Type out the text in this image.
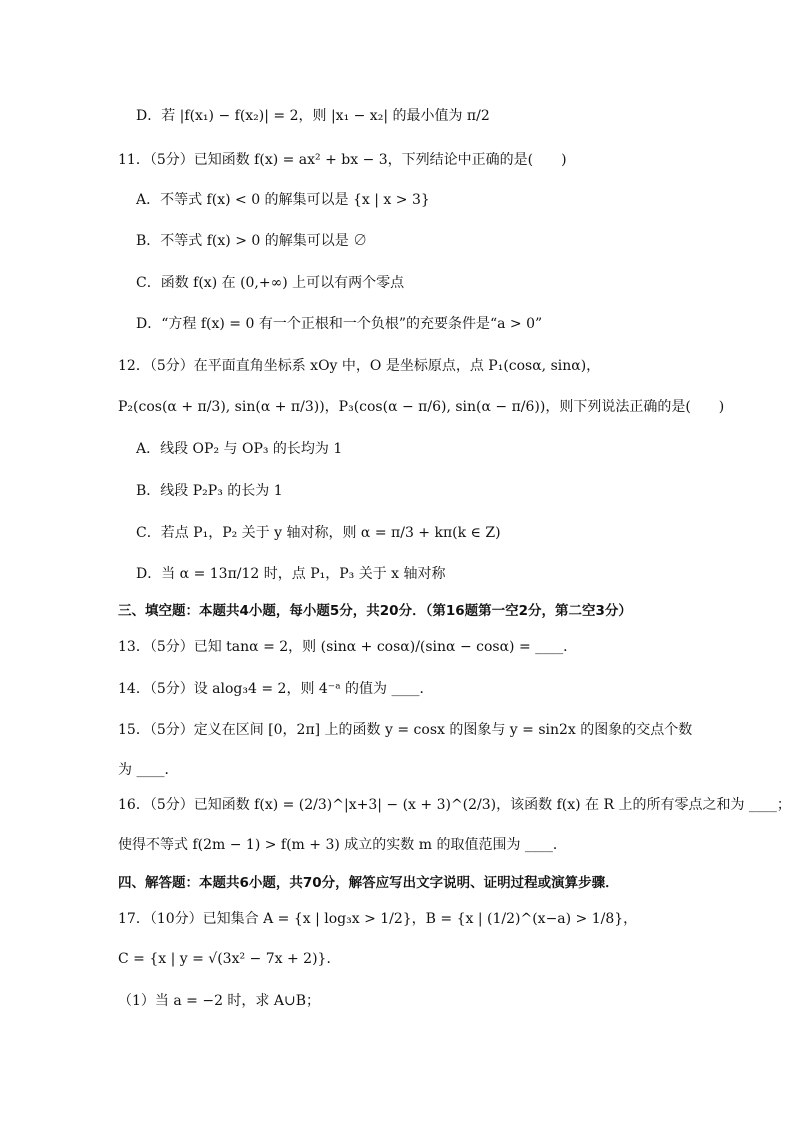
D．若 |f(x₁) − f(x₂)| = 2，则 |x₁ − x₂| 的最小值为 π/2
11．（5分）已知函数 f(x) = ax² + bx − 3，下列结论中正确的是(　　)
A．不等式 f(x) < 0 的解集可以是 {x | x > 3}
B．不等式 f(x) > 0 的解集可以是 ∅
C．函数 f(x) 在 (0,+∞) 上可以有两个零点
D．“方程 f(x) = 0 有一个正根和一个负根”的充要条件是“a > 0”
12．（5分）在平面直角坐标系 xOy 中，O 是坐标原点，点 P₁(cosα, sinα)，
P₂(cos(α + π/3), sin(α + π/3))，P₃(cos(α − π/6), sin(α − π/6))，则下列说法正确的是(　　)
A．线段 OP₂ 与 OP₃ 的长均为 1
B．线段 P₂P₃ 的长为 1
C．若点 P₁，P₂ 关于 y 轴对称，则 α = π/3 + kπ(k ∈ Z)
D．当 α = 13π/12 时，点 P₁，P₃ 关于 x 轴对称
三、填空题：本题共4小题，每小题5分，共20分．（第16题第一空2分，第二空3分）
13．（5分）已知 tanα = 2，则 (sinα + cosα)/(sinα − cosα) = ____．
14．（5分）设 alog₃4 = 2，则 4⁻ᵃ 的值为 ____．
15．（5分）定义在区间 [0，2π] 上的函数 y = cosx 的图象与 y = sin2x 的图象的交点个数
为 ____．
16．（5分）已知函数 f(x) = (2/3)^|x+3| − (x + 3)^(2/3)，该函数 f(x) 在 R 上的所有零点之和为 ____；
使得不等式 f(2m − 1) > f(m + 3) 成立的实数 m 的取值范围为 ____．
四、解答题：本题共6小题，共70分，解答应写出文字说明、证明过程或演算步骤．
17．（10分）已知集合 A = {x | log₃x > 1/2}，B = {x | (1/2)^(x−a) > 1/8}，
C = {x | y = √(3x² − 7x + 2)}．
（1）当 a = −2 时，求 A∪B；
